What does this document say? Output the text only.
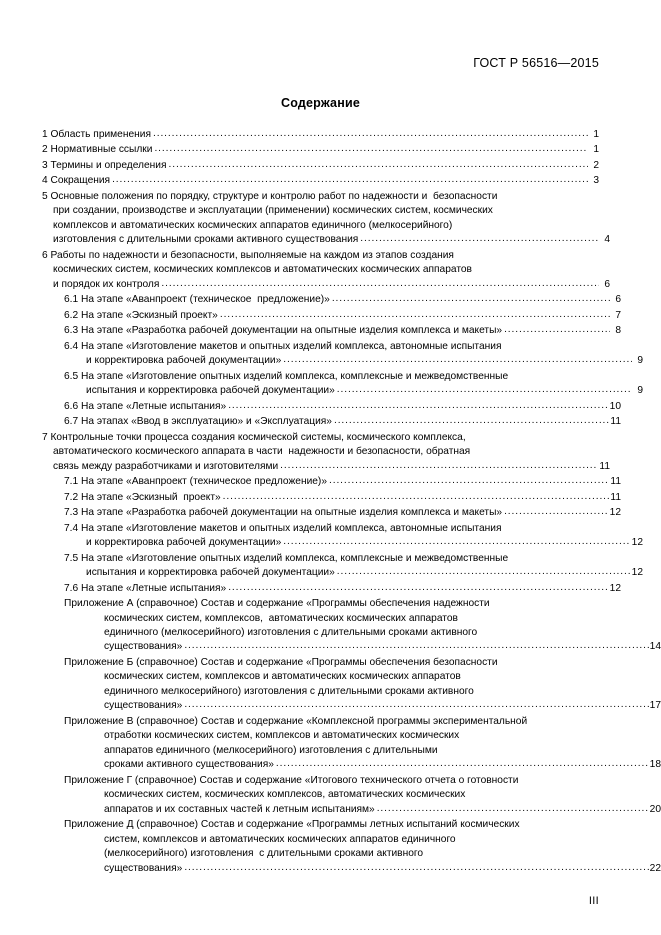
ГОСТ Р 56516—2015
Содержание
1 Область применения .....	1
2 Нормативные ссылки .....	1
3 Термины и определения .....	2
4 Сокращения .....	3
5 Основные положения по порядку, структуре и контролю работ по надежности и  безопасности
при создании, производстве и эксплуатации (применении) космических систем, космических
комплексов и автоматических космических аппаратов единичного (мелкосерийного)
изготовления с длительными сроками активного существования .....	4
6 Работы по надежности и безопасности, выполняемые на каждом из этапов создания
космических систем, космических комплексов и автоматических космических аппаратов
и порядок их контроля .....	6
6.1 На этапе «Аванпроект (техническое  предложение)» .....	6
6.2 На этапе «Эскизный проект» .....	7
6.3 На этапе «Разработка рабочей документации на опытные изделия комплекса и макеты» .....	8
6.4 На этапе «Изготовление макетов и опытных изделий комплекса, автономные испытания
и корректировка рабочей документации» .....	9
6.5 На этапе «Изготовление опытных изделий комплекса, комплексные и межведомственные
испытания и корректировка рабочей документации» .....	9
6.6 На этапе «Летные испытания» .....	10
6.7 На этапах «Ввод в эксплуатацию» и «Эксплуатация» .....	11
7 Контрольные точки процесса создания космической системы, космического комплекса,
автоматического космического аппарата в части  надежности и безопасности, обратная
связь между разработчиками и изготовителями .....	11
7.1 На этапе «Аванпроект (техническое предложение)» .....	11
7.2 На этапе «Эскизный  проект» .....	11
7.3 На этапе «Разработка рабочей документации на опытные изделия комплекса и макеты» .....	12
7.4 На этапе «Изготовление макетов и опытных изделий комплекса, автономные испытания
и корректировка рабочей документации» .....	12
7.5 На этапе «Изготовление опытных изделий комплекса, комплексные и межведомственные
испытания и корректировка рабочей документации» .....	12
7.6 На этапе «Летные испытания» .....	12
Приложение А (справочное) Состав и содержание «Программы обеспечения надежности
космических систем, комплексов,  автоматических космических аппаратов
единичного (мелкосерийного) изготовления с длительными сроками активного
существования» .....	14
Приложение Б (справочное) Состав и содержание «Программы обеспечения безопасности
космических систем, комплексов и автоматических космических аппаратов
единичного мелкосерийного) изготовления с длительными сроками активного
существования» .....	17
Приложение В (справочное) Состав и содержание «Комплексной программы экспериментальной
отработки космических систем, комплексов и автоматических космических
аппаратов единичного (мелкосерийного) изготовления с длительными
сроками активного существования» .....	18
Приложение Г (справочное) Состав и содержание «Итогового технического отчета о готовности
космических систем, космических комплексов, автоматических космических
аппаратов и их составных частей к летным испытаниям» .....	20
Приложение Д (справочное) Состав и содержание «Программы летных испытаний космических
систем, комплексов и автоматических космических аппаратов единичного
(мелкосерийного) изготовления  с длительными сроками активного
существования» .....	22
III
